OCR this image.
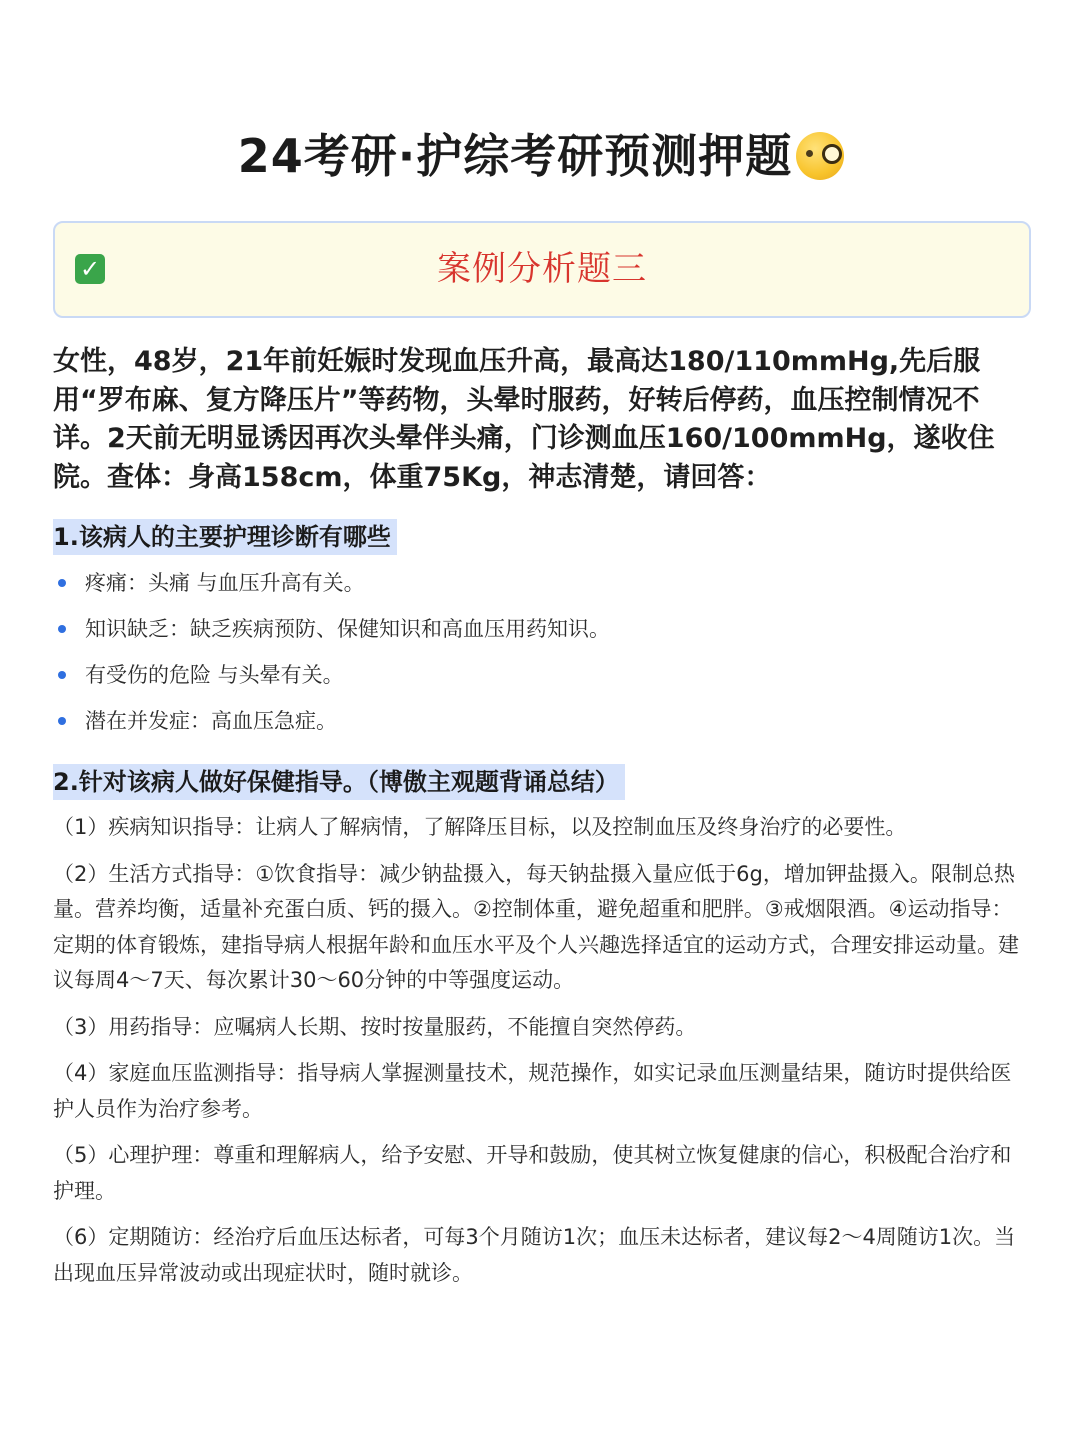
24考研·护综考研预测押题
✓	案例分析题三
女性，48岁，21年前妊娠时发现血压升高，最高达180/110mmHg,先后服用“罗布麻、复方降压片”等药物，头晕时服药，好转后停药，血压控制情况不详。2天前无明显诱因再次头晕伴头痛，门诊测血压160/100mmHg，遂收住院。查体：身高158cm，体重75Kg，神志清楚，请回答：
1.该病人的主要护理诊断有哪些
疼痛：头痛 与血压升高有关。
知识缺乏：缺乏疾病预防、保健知识和高血压用药知识。
有受伤的危险 与头晕有关。
潜在并发症：高血压急症。
2.针对该病人做好保健指导。（博傲主观题背诵总结）
（1）疾病知识指导：让病人了解病情，了解降压目标，以及控制血压及终身治疗的必要性。
（2）生活方式指导：①饮食指导：减少钠盐摄入，每天钠盐摄入量应低于6g，增加钾盐摄入。限制总热量。营养均衡，适量补充蛋白质、钙的摄入。②控制体重，避免超重和肥胖。③戒烟限酒。④运动指导：定期的体育锻炼，建指导病人根据年龄和血压水平及个人兴趣选择适宜的运动方式，合理安排运动量。建议每周4～7天、每次累计30～60分钟的中等强度运动。
（3）用药指导：应嘱病人长期、按时按量服药，不能擅自突然停药。
（4）家庭血压监测指导：指导病人掌握测量技术，规范操作，如实记录血压测量结果，随访时提供给医护人员作为治疗参考。
（5）心理护理：尊重和理解病人，给予安慰、开导和鼓励，使其树立恢复健康的信心，积极配合治疗和护理。
（6）定期随访：经治疗后血压达标者，可每3个月随访1次；血压未达标者，建议每2～4周随访1次。当出现血压异常波动或出现症状时，随时就诊。
